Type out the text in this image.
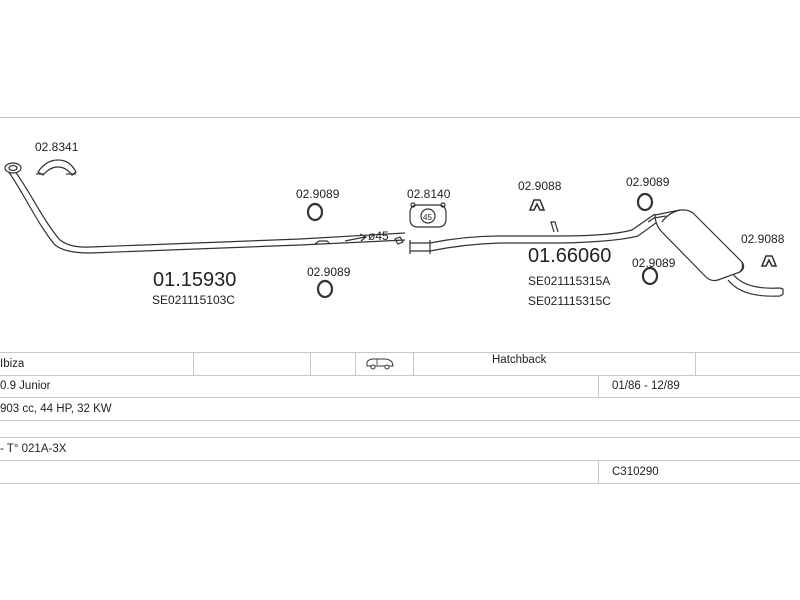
02.8341
02.9089
02.9089
ø45
02.8140
45
02.9088	02.9089
02.9089
02.9088
01.15930
SE021115103C
01.66060
SE021115315A
SE021115315C
Ibiza	Hatchback
0.9 Junior	01/86 - 12/89
903 cc, 44 HP, 32 KW
- T° 021A-3X
C310290
